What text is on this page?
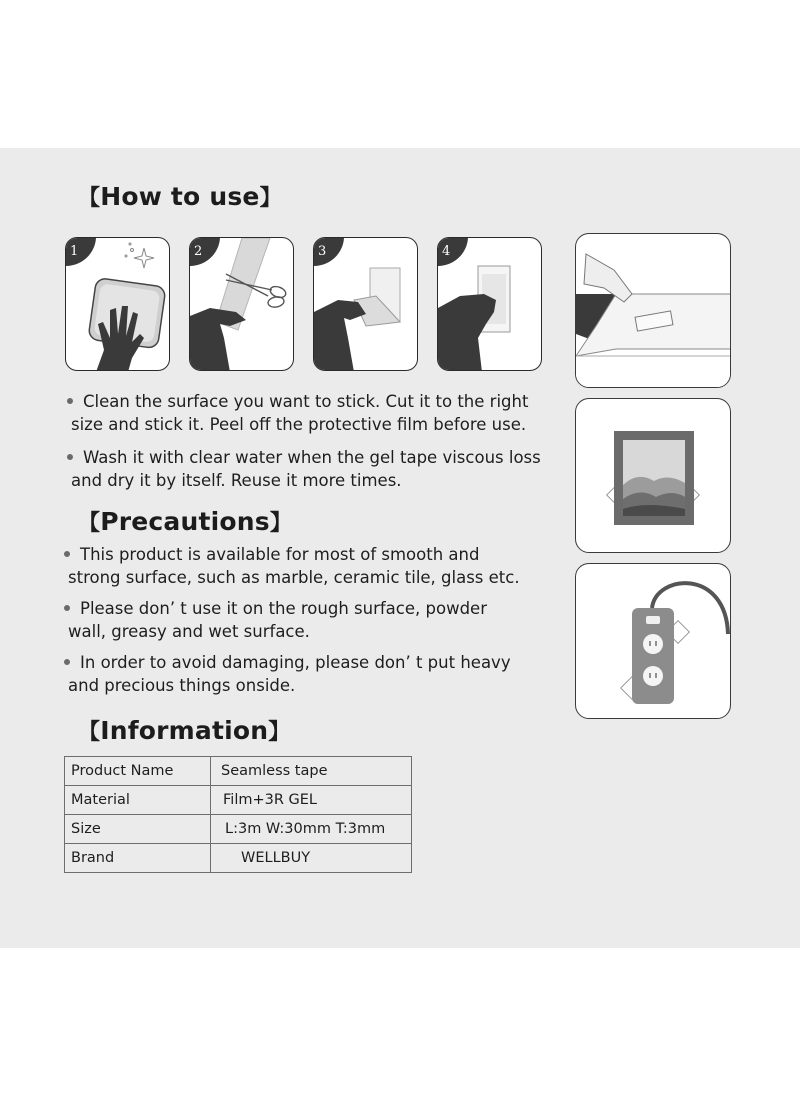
【How to use】
1	2	3	4
Clean the surface you want to stick. Cut it to the right
size and stick it. Peel off the protective film before use.
Wash it with clear water when the gel tape viscous loss
and dry it by itself. Reuse it more times.
【Precautions】
This product is available for most of smooth and
strong surface, such as marble, ceramic tile, glass etc.
Please don’ t use it on the rough surface, powder
wall, greasy and wet surface.
In order to avoid damaging, please don’ t put heavy
and precious things onside.
【Information】
Product Name	Seamless tape
Material	Film+3R GEL
Size	L:3m W:30mm T:3mm
Brand	WELLBUY
